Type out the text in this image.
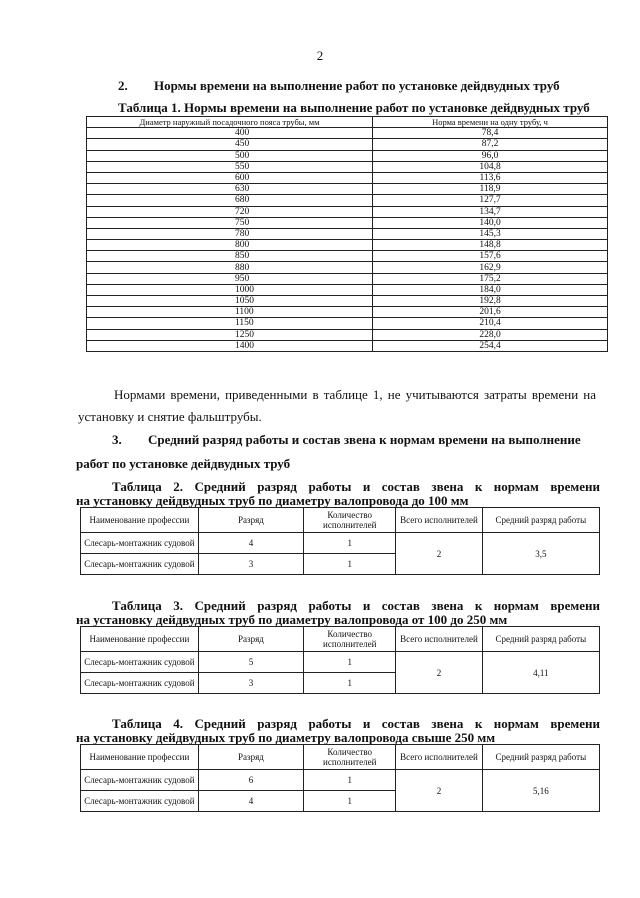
2
2. Нормы времени на выполнение работ по установке дейдвудных труб
Таблица 1. Нормы времени на выполнение работ по установке дейдвудных труб
Диаметр наружный посадочного пояса трубы, мм	Норма времени на одну трубу, ч
400	78,4
450	87,2
500	96,0
550	104,8
600	113,6
630	118,9
680	127,7
720	134,7
750	140,0
780	145,3
800	148,8
850	157,6
880	162,9
950	175,2
1000	184,0
1050	192,8
1100	201,6
1150	210,4
1250	228,0
1400	254,4
Нормами времени, приведенными в таблице 1, не учитываются затраты времени на установку и снятие фальштрубы.
3. Средний разряд работы и состав звена к нормам времени на выполнение
работ по установке дейдвудных труб
Таблица 2. Средний разряд работы и состав звена к нормам времени
на установку дейдвудных труб по диаметру валопровода до 100 мм
Наименование профессии	Разряд	Количество исполнителей	Всего исполнителей	Средний разряд работы
Слесарь-монтажник судовой	4	1	2	3,5
Слесарь-монтажник судовой	3	1		
Таблица 3. Средний разряд работы и состав звена к нормам времени
на установку дейдвудных труб по диаметру валопровода от 100 до 250 мм
Наименование профессии	Разряд	Количество исполнителей	Всего исполнителей	Средний разряд работы
Слесарь-монтажник судовой	5	1	2	4,11
Слесарь-монтажник судовой	3	1		
Таблица 4. Средний разряд работы и состав звена к нормам времени
на установку дейдвудных труб по диаметру валопровода свыше 250 мм
Наименование профессии	Разряд	Количество исполнителей	Всего исполнителей	Средний разряд работы
Слесарь-монтажник судовой	6	1	2	5,16
Слесарь-монтажник судовой	4	1		
